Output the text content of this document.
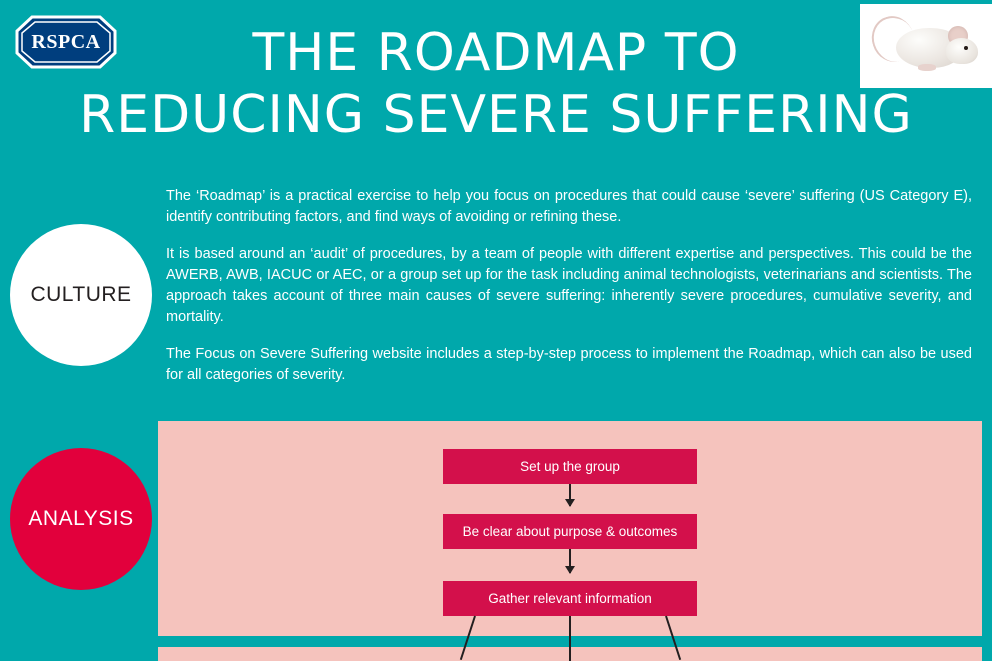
RSPCA	THE ROADMAP TO
REDUCING SEVERE SUFFERING

The ‘Roadmap’ is a practical exercise to help you focus on procedures that could cause ‘severe’ suffering (US Category E), identify contributing factors, and find ways of avoiding or refining these.

It is based around an ‘audit’ of procedures, by a team of people with different expertise and perspectives. This could be the AWERB, AWB, IACUC or AEC, or a group set up for the task including animal technologists, veterinarians and scientists. The approach takes account of three main causes of severe suffering: inherently severe procedures, cumulative severity, and mortality.

The Focus on Severe Suffering website includes a step-by-step process to implement the Roadmap, which can also be used for all categories of severity.

CULTURE
ANALYSIS
Set up the group
Be clear about purpose & outcomes
Gather relevant information
